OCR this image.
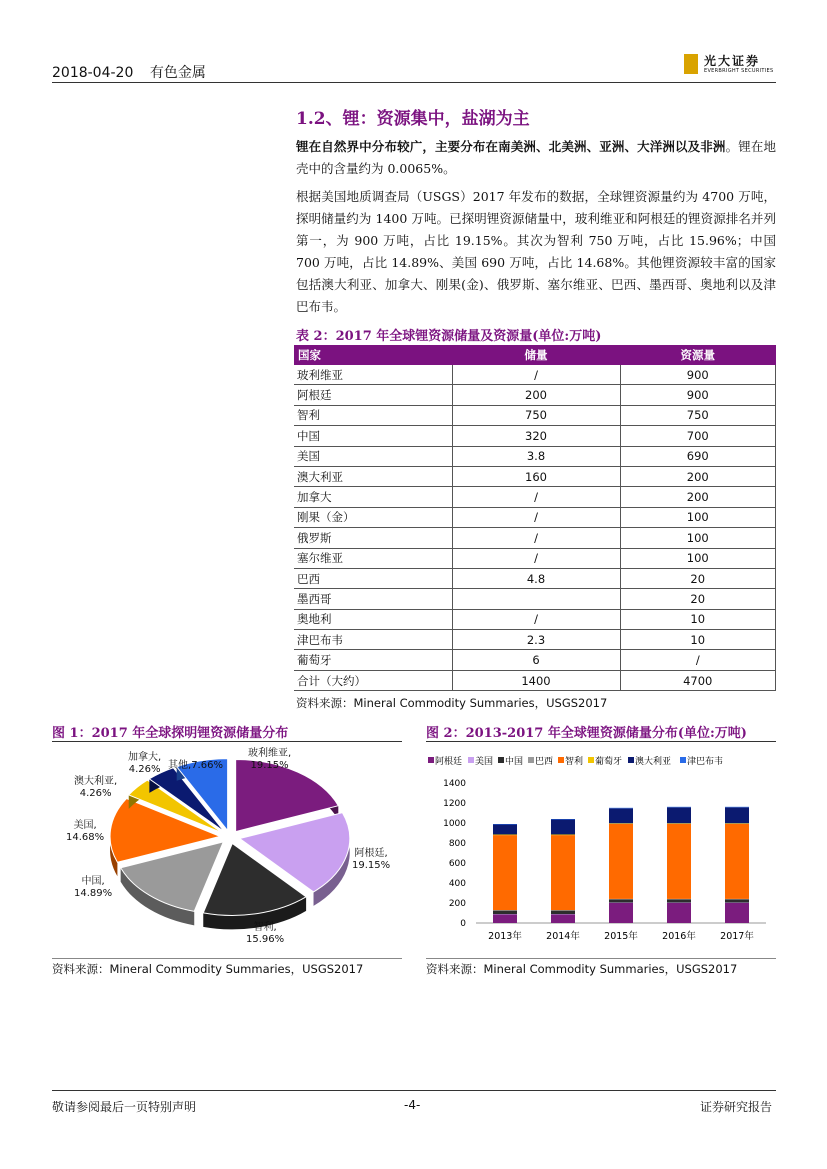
2018-04-20 有色金属
光大证券
EVERBRIGHT SECURITIES
1.2、锂：资源集中，盐湖为主
锂在自然界中分布较广，主要分布在南美洲、北美洲、亚洲、大洋洲以及非洲。锂在地壳中的含量约为 0.0065%。
根据美国地质调查局（USGS）2017 年发布的数据，全球锂资源量约为 4700 万吨，探明储量约为 1400 万吨。已探明锂资源储量中，玻利维亚和阿根廷的锂资源排名并列第一，为 900 万吨，占比 19.15%。其次为智利 750 万吨，占比 15.96%；中国 700 万吨，占比 14.89%、美国 690 万吨，占比 14.68%。其他锂资源较丰富的国家包括澳大利亚、加拿大、刚果(金)、俄罗斯、塞尔维亚、巴西、墨西哥、奥地利以及津巴布韦。
表 2：2017 年全球锂资源储量及资源量(单位:万吨)
国家	储量	资源量
玻利维亚	/	900
阿根廷	200	900
智利	750	750
中国	320	700
美国	3.8	690
澳大利亚	160	200
加拿大	/	200
刚果（金）	/	100
俄罗斯	/	100
塞尔维亚	/	100
巴西	4.8	20
墨西哥		20
奥地利	/	10
津巴布韦	2.3	10
葡萄牙	6	/
合计（大约）	1400	4700
资料来源：Mineral Commodity Summaries，USGS2017
图 1：2017 年全球探明锂资源储量分布
玻利维亚,
19.15%
阿根廷,
19.15%
智利,
15.96%
中国,
14.89%
美国,
14.68%
澳大利亚,
4.26%
加拿大,
4.26% 其他,7.66%
资料来源：Mineral Commodity Summaries，USGS2017
图 2：2013-2017 年全球锂资源储量分布(单位:万吨)
阿根廷 美国 中国 巴西 智利 葡萄牙 澳大利亚 津巴布韦
0
200
400
600
800
1000
1200
1400
2013年	2014年	2015年	2016年	2017年
资料来源：Mineral Commodity Summaries，USGS2017
敬请参阅最后一页特别声明	-4-	证券研究报告
